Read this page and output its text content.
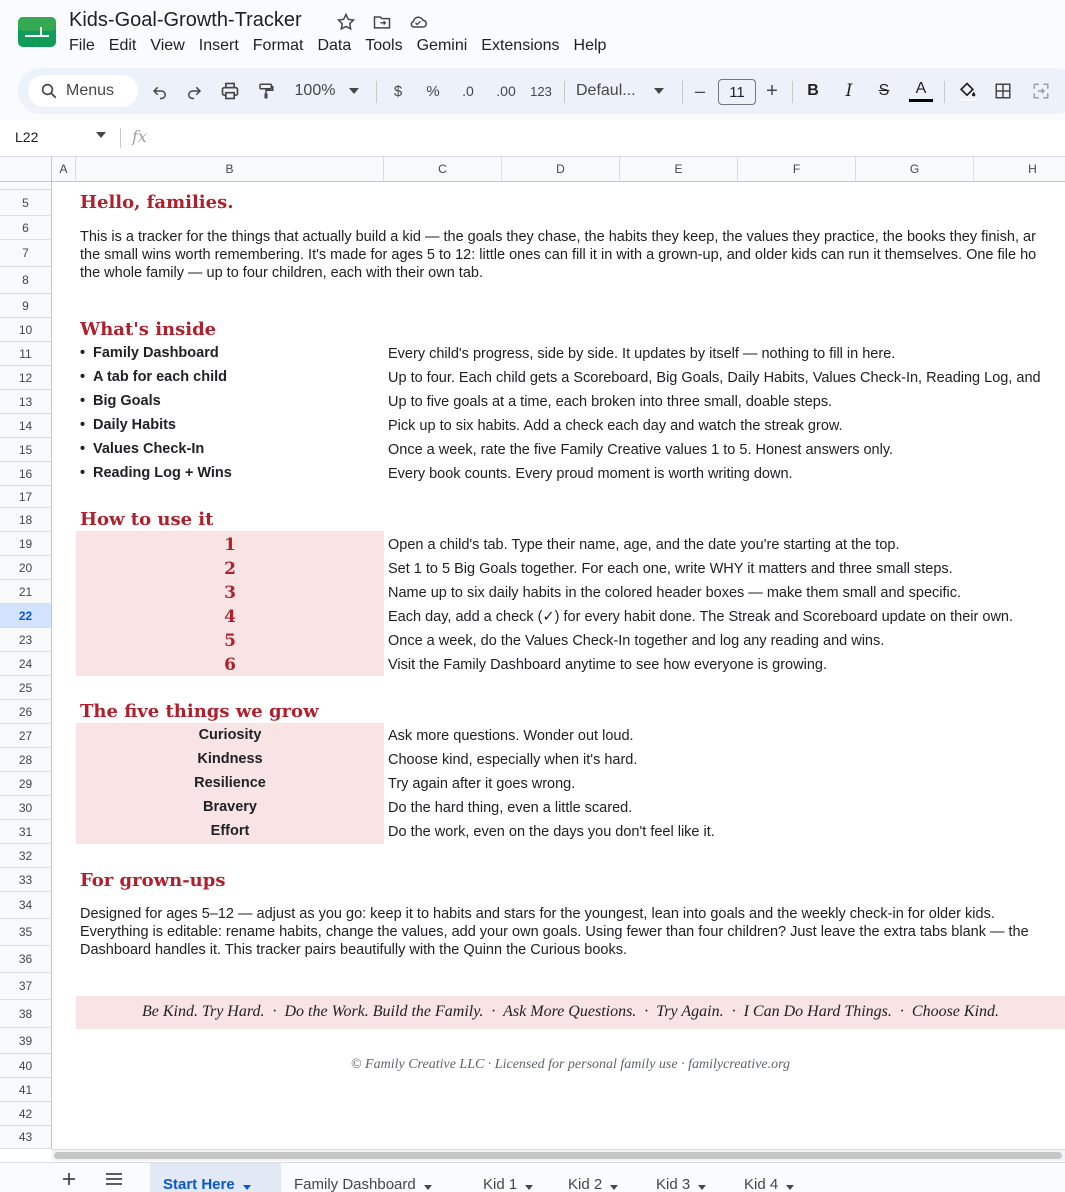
Kids-Goal-Growth-Tracker
File Edit View Insert Format Data Tools Gemini Extensions Help
Menus	100%	$	%	.0	.00	123 Defaul...	–	11	+	B	I	S	A
L22	fx
A	B	C	D	E	F	G	H
5
6
7
8
9
10
11
12
13
14
15
16
17
18
19
20
21
22
23
24
25
26
27
28
29
30
31
32
33
34
35
36
37
38
39
40
41
42
43
Hello, families.
This is a tracker for the things that actually build a kid — the goals they chase, the habits they keep, the values they practice, the books they finish, ar
the small wins worth remembering. It's made for ages 5 to 12: little ones can fill it in with a grown-up, and older kids can run it themselves. One file ho
the whole family — up to four children, each with their own tab.
What's inside
• Family Dashboard	Every child's progress, side by side. It updates by itself — nothing to fill in here.
• A tab for each child	Up to four. Each child gets a Scoreboard, Big Goals, Daily Habits, Values Check-In, Reading Log, and
• Big Goals	Up to five goals at a time, each broken into three small, doable steps.
• Daily Habits	Pick up to six habits. Add a check each day and watch the streak grow.
• Values Check-In	Once a week, rate the five Family Creative values 1 to 5. Honest answers only.
• Reading Log + Wins	Every book counts. Every proud moment is worth writing down.
How to use it
1	Open a child's tab. Type their name, age, and the date you're starting at the top.
2	Set 1 to 5 Big Goals together. For each one, write WHY it matters and three small steps.
3	Name up to six daily habits in the colored header boxes — make them small and specific.
4	Each day, add a check (✓) for every habit done. The Streak and Scoreboard update on their own.
5	Once a week, do the Values Check-In together and log any reading and wins.
6	Visit the Family Dashboard anytime to see how everyone is growing.
The five things we grow
Curiosity	Ask more questions. Wonder out loud.
Kindness	Choose kind, especially when it's hard.
Resilience	Try again after it goes wrong.
Bravery	Do the hard thing, even a little scared.
Effort	Do the work, even on the days you don't feel like it.
For grown-ups
Designed for ages 5–12 — adjust as you go: keep it to habits and stars for the youngest, lean into goals and the weekly check-in for older kids.
Everything is editable: rename habits, change the values, add your own goals. Using fewer than four children? Just leave the extra tabs blank — the
Dashboard handles it. This tracker pairs beautifully with the Quinn the Curious books.
Be Kind. Try Hard.  ·  Do the Work. Build the Family.  ·  Ask More Questions.  ·  Try Again.  ·  I Can Do Hard Things.  ·  Choose Kind.
© Family Creative LLC · Licensed for personal family use · familycreative.org
Start Here	Family Dashboard	Kid 1	Kid 2	Kid 3	Kid 4
